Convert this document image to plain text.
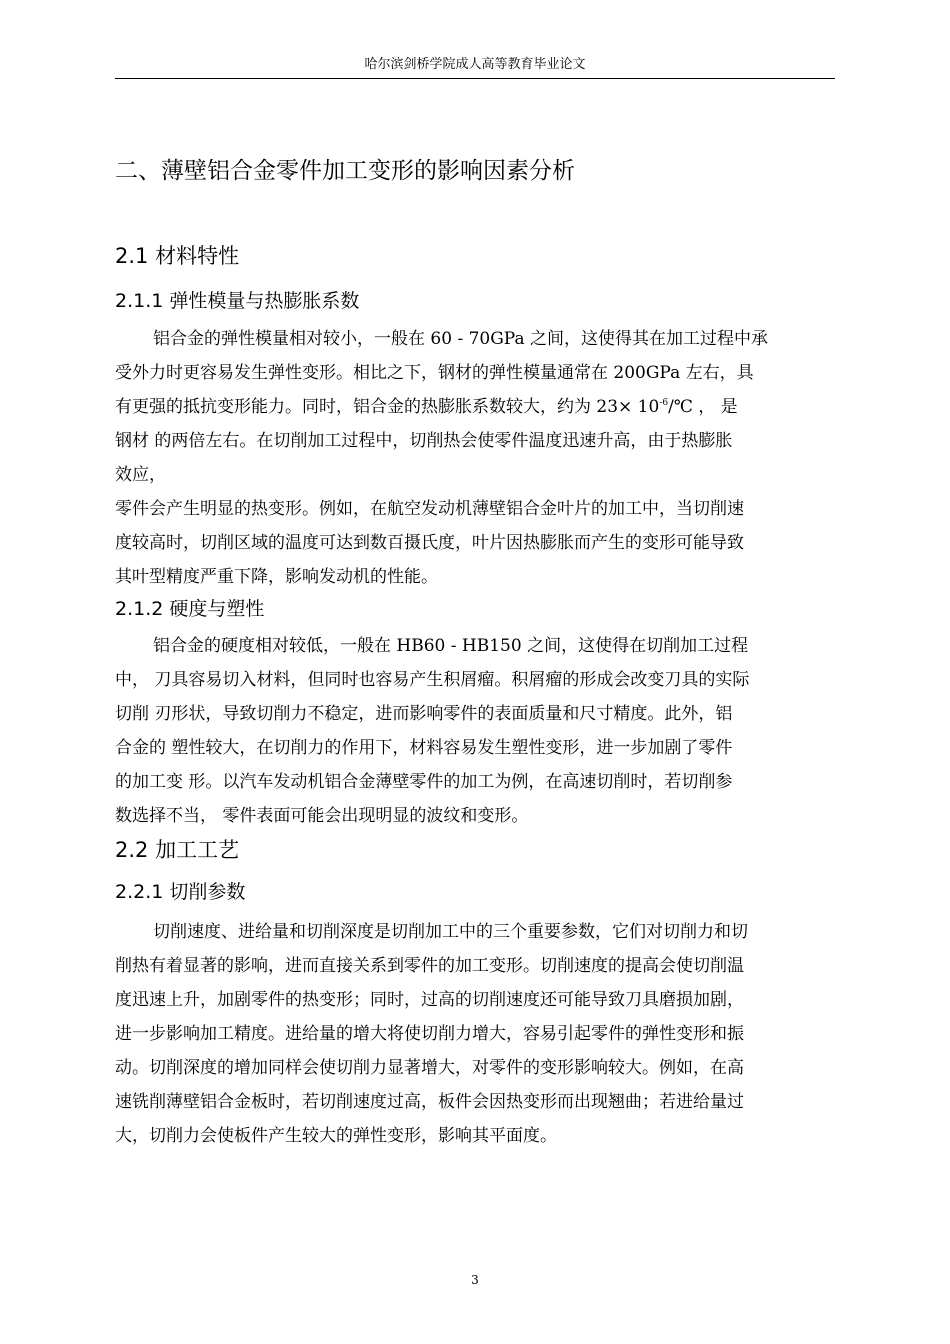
哈尔滨剑桥学院成人高等教育毕业论文
二、薄壁铝合金零件加工变形的影响因素分析
2.1 材料特性
2.1.1 弹性模量与热膨胀系数

铝合金的弹性模量相对较小，一般在 60 - 70GPa 之间，这使得其在加工过程中承

受外力时更容易发生弹性变形。相比之下，钢材的弹性模量通常在 200GPa 左右，具

有更强的抵抗变形能力。同时，铝合金的热膨胀系数较大，约为 $23\times 10^{-6}/℃$ ， 是

钢材 的两倍左右。在切削加工过程中，切削热会使零件温度迅速升高，由于热膨胀

效应，

零件会产生明显的热变形。例如，在航空发动机薄壁铝合金叶片的加工中，当切削速

度较高时，切削区域的温度可达到数百摄氏度，叶片因热膨胀而产生的变形可能导致

其叶型精度严重下降，影响发动机的性能。

2.1.2 硬度与塑性

铝合金的硬度相对较低，一般在 HB60 - HB150 之间，这使得在切削加工过程

中， 刀具容易切入材料，但同时也容易产生积屑瘤。积屑瘤的形成会改变刀具的实际

切削 刃形状，导致切削力不稳定，进而影响零件的表面质量和尺寸精度。此外，铝

合金的 塑性较大，在切削力的作用下，材料容易发生塑性变形，进一步加剧了零件

的加工变 形。以汽车发动机铝合金薄壁零件的加工为例，在高速切削时，若切削参

数选择不当， 零件表面可能会出现明显的波纹和变形。

2.2 加工工艺
2.2.1 切削参数

切削速度、进给量和切削深度是切削加工中的三个重要参数，它们对切削力和切

削热有着显著的影响，进而直接关系到零件的加工变形。切削速度的提高会使切削温

度迅速上升，加剧零件的热变形；同时，过高的切削速度还可能导致刀具磨损加剧，

进一步影响加工精度。进给量的增大将使切削力增大，容易引起零件的弹性变形和振

动。切削深度的增加同样会使切削力显著增大，对零件的变形影响较大。例如，在高

速铣削薄壁铝合金板时，若切削速度过高，板件会因热变形而出现翘曲；若进给量过

大，切削力会使板件产生较大的弹性变形，影响其平面度。

3
